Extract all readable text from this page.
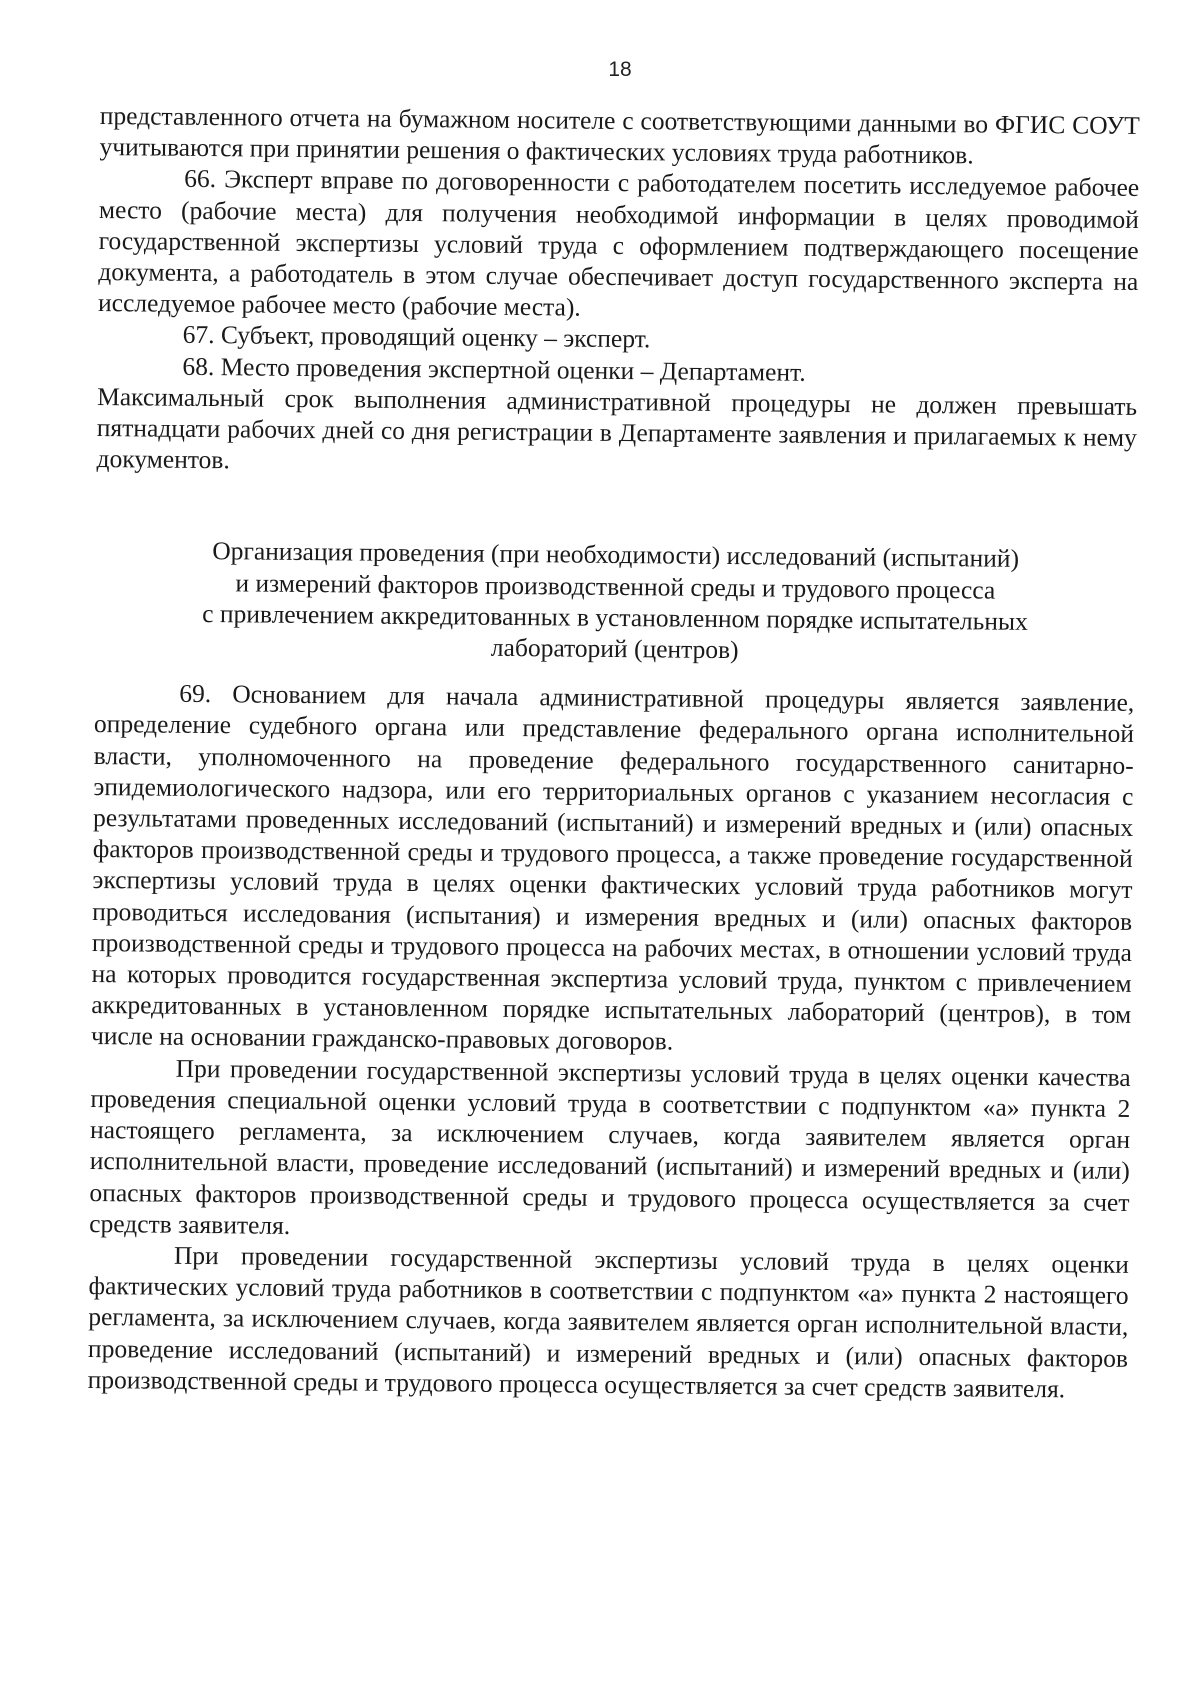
18

представленного отчета на бумажном носителе с соответствующими данными во ФГИС СОУТ учитываются при принятии решения о фактических условиях труда работников.

66. Эксперт вправе по договоренности с работодателем посетить исследуемое рабочее место (рабочие места) для получения необходимой информации в целях проводимой государственной экспертизы условий труда с оформлением подтверждающего посещение документа, а работодатель в этом случае обеспечивает доступ государственного эксперта на исследуемое рабочее место (рабочие места).

67. Субъект, проводящий оценку – эксперт.

68. Место проведения экспертной оценки – Департамент.

Максимальный срок выполнения административной процедуры не должен превышать пятнадцати рабочих дней со дня регистрации в Департаменте заявления и прилагаемых к нему документов.

Организация проведения (при необходимости) исследований (испытаний)
и измерений факторов производственной среды и трудового процесса
с привлечением аккредитованных в установленном порядке испытательных
лабораторий (центров)

69. Основанием для начала административной процедуры является заявление, определение судебного органа или представление федерального органа исполнительной власти, уполномоченного на проведение федерального государственного санитарно-эпидемиологического надзора, или его территориальных органов с указанием несогласия с результатами проведенных исследований (испытаний) и измерений вредных и (или) опасных факторов производственной среды и трудового процесса, а также проведение государственной экспертизы условий труда в целях оценки фактических условий труда работников могут проводиться исследования (испытания) и измерения вредных и (или) опасных факторов производственной среды и трудового процесса на рабочих местах, в отношении условий труда на которых проводится государственная экспертиза условий труда, пунктом с привлечением аккредитованных в установленном порядке испытательных лабораторий (центров), в том числе на основании гражданско-правовых договоров.

При проведении государственной экспертизы условий труда в целях оценки качества проведения специальной оценки условий труда в соответствии с подпунктом «а» пункта 2 настоящего регламента, за исключением случаев, когда заявителем является орган исполнительной власти, проведение исследований (испытаний) и измерений вредных и (или) опасных факторов производственной среды и трудового процесса осуществляется за счет средств заявителя.

При проведении государственной экспертизы условий труда в целях оценки фактических условий труда работников в соответствии с подпунктом «а» пункта 2 настоящего регламента, за исключением случаев, когда заявителем является орган исполнительной власти, проведение исследований (испытаний) и измерений вредных и (или) опасных факторов производственной среды и трудового процесса осуществляется за счет средств заявителя.
